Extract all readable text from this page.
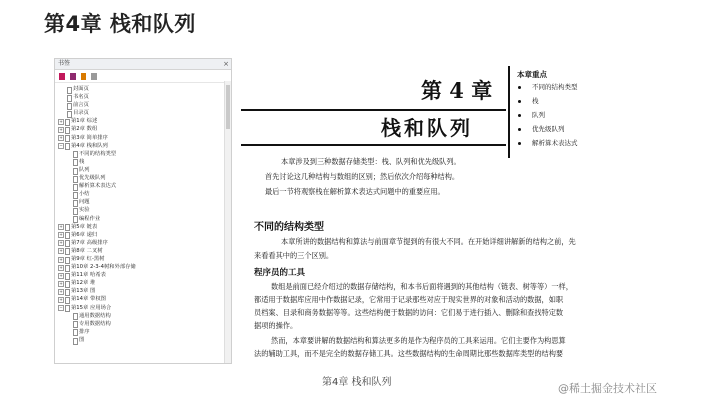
第4章 栈和队列
书签	×
封面页
书名页
前言页
目录页
+ 第1章 综述
+ 第2章 数组
+ 第3章 简单排序
− 第4章 栈和队列
不同的结构类型
栈
队列
优先级队列
解析算术表达式
小结
问题
实验
编程作业
+ 第5章 链表
+ 第6章 递归
+ 第7章 高级排序
+ 第8章 二叉树
+ 第9章 红-黑树
+ 第10章 2-3-4树和外部存储
+ 第11章 哈希表
+ 第12章 堆
+ 第13章 图
+ 第14章 带权图
− 第15章 应用场合
通用数据结构
专用数据结构
排序
图
第 4 章
栈和队列
本章重点
不同的结构类型
栈
队列
优先级队列
解析算术表达式
本章涉及到三种数据存储类型：栈、队列和优先级队列。
首先讨论这几种结构与数组的区别；然后依次介绍每种结构。
最后一节将观察栈在解析算术表达式问题中的重要应用。
不同的结构类型
本章所讲的数据结构和算法与前面章节提到的有很大不同。在开始详细讲解新的结构之前，先
来看看其中的三个区别。
程序员的工具
数组是前面已经介绍过的数据存储结构，和本书后面将遇到的其他结构（链表、树等等）一样，
都适用于数据库应用中作数据记录，它常用于记录那些对应于现实世界的对象和活动的数据，如职
员档案、目录和商务数据等等。这些结构便于数据的访问：它们易于进行插入、删除和查找特定数
据项的操作。
然而，本章要讲解的数据结构和算法更多的是作为程序员的工具来运用。它们主要作为构思算
法的辅助工具，而不是完全的数据存储工具。这些数据结构的生命周期比那些数据库类型的结构要
第4章 栈和队列	@稀土掘金技术社区
